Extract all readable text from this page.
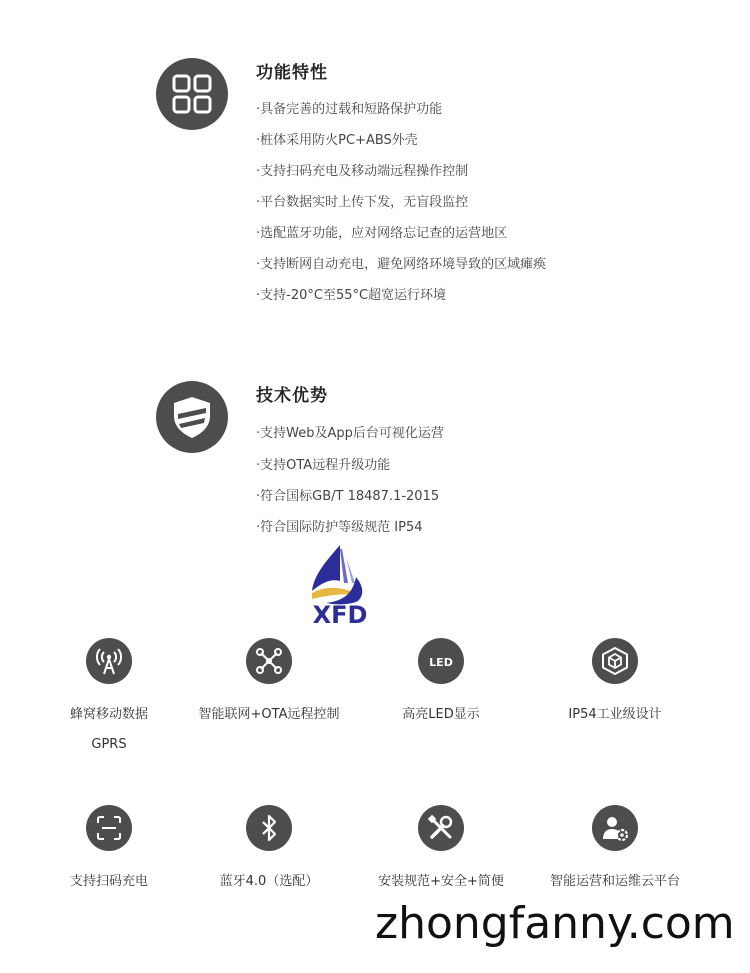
功能特性
·具备完善的过载和短路保护功能
·桩体采用防火PC+ABS外壳
·支持扫码充电及移动端远程操作控制
·平台数据实时上传下发，无盲段监控
·选配蓝牙功能，应对网络忘记查的运营地区
·支持断网自动充电，避免网络环境导致的区域瘫痪
·支持-20°C至55°C超宽运行环境
技术优势
·支持Web及App后台可视化运营
·支持OTA远程升级功能
·符合国标GB/T 18487.1-2015
·符合国际防护等级规范 IP54
XFD
蜂窝移动数据
GPRS
智能联网+OTA远程控制
LED
高亮LED显示	IP54工业级设计
支持扫码充电	蓝牙4.0（选配）	安装规范+安全+简便	智能运营和运维云平台
zhongfanny.com
